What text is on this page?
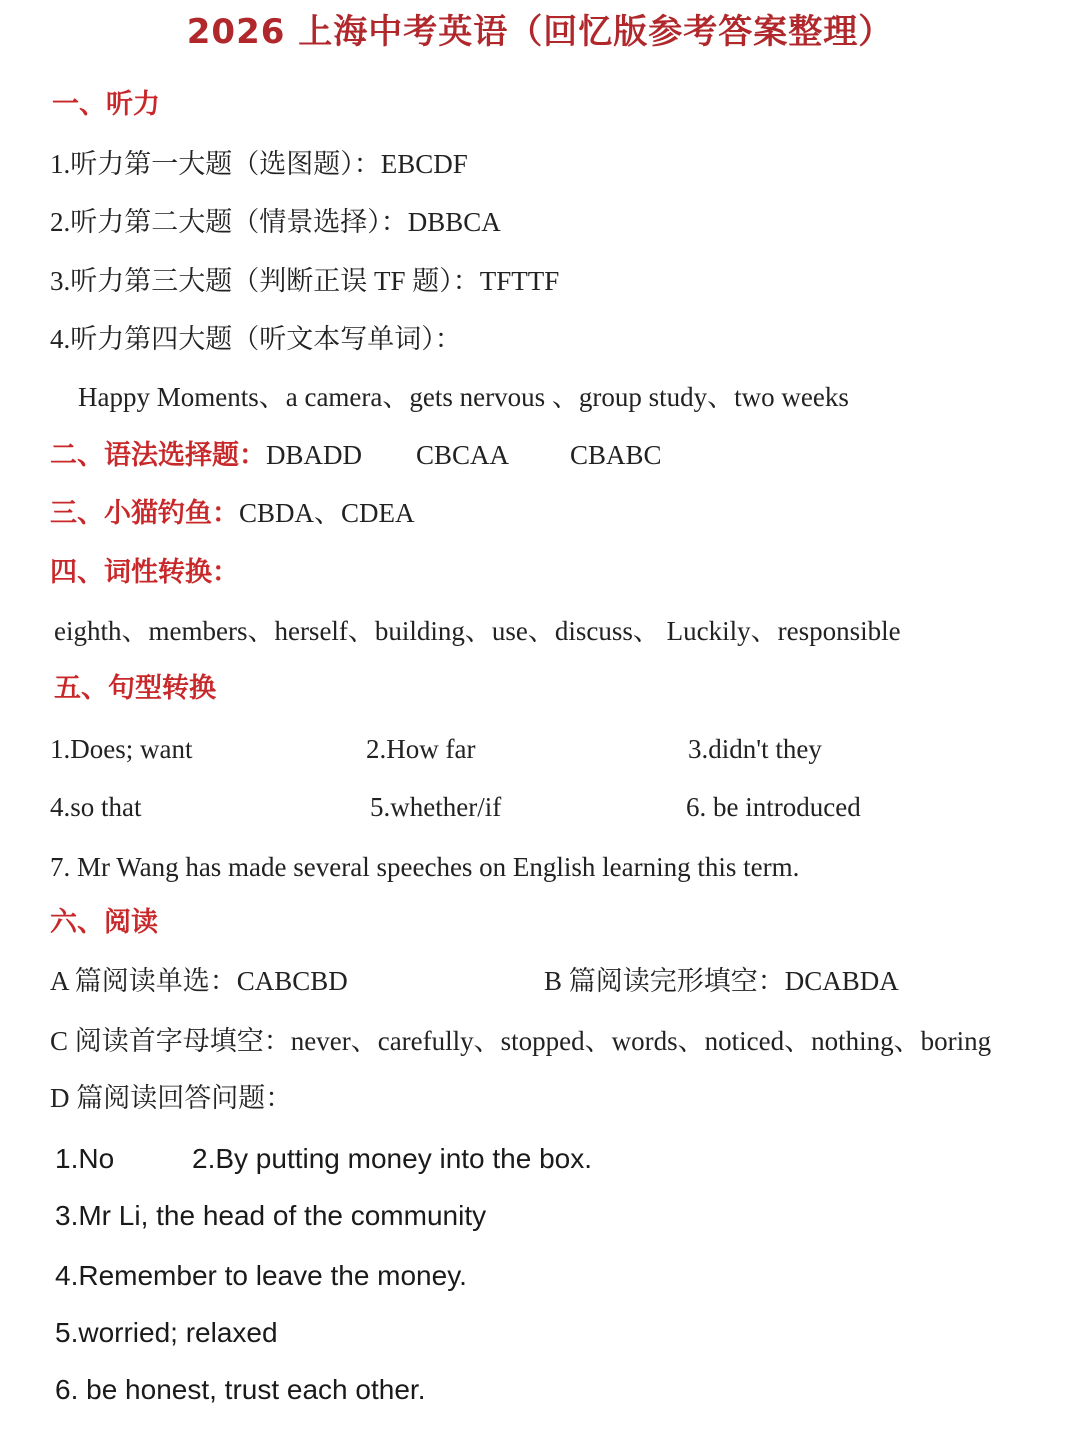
2026 上海中考英语（回忆版参考答案整理）
一、听力
1.听力第一大题（选图题）：EBCDF
2.听力第二大题（情景选择）：DBBCA
3.听力第三大题（判断正误 TF 题）：TFTTF
4.听力第四大题（听文本写单词）：
Happy Moments、a camera、gets nervous 、group study、two weeks
二、语法选择题：DBADD CBCAA CBABC
三、小猫钓鱼：CBDA、CDEA
四、词性转换：
eighth、members、herself、building、use、discuss、 Luckily、responsible
五、句型转换
1.Does; want	2.How far	3.didn't they
4.so that	5.whether/if	6. be introduced
7. Mr Wang has made several speeches on English learning this term.
六、阅读
A 篇阅读单选：CABCBD	B 篇阅读完形填空：DCABDA
C 阅读首字母填空：never、carefully、stopped、words、noticed、nothing、boring
D 篇阅读回答问题：
1.No	2.By putting money into the box.
3.Mr Li, the head of the community
4.Remember to leave the money.
5.worried; relaxed
6. be honest, trust each other.
